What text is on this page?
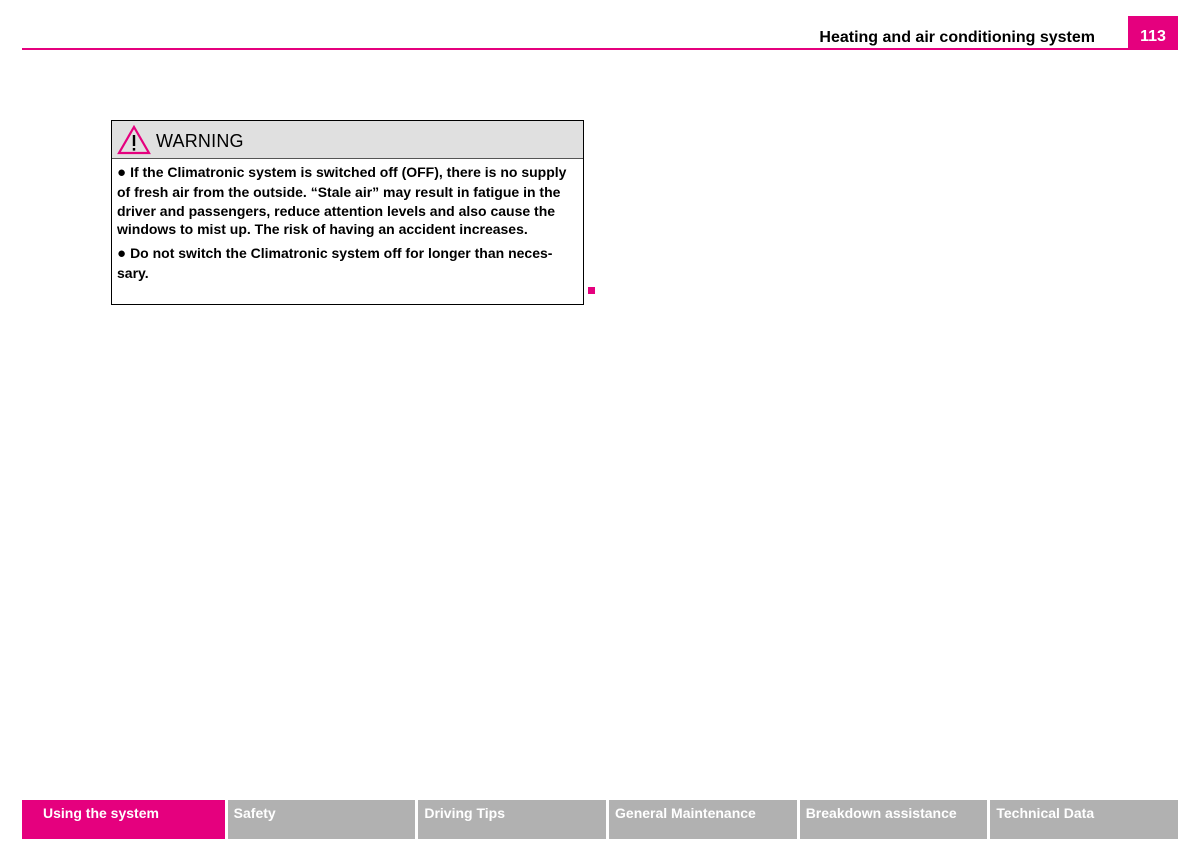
Heating and air conditioning system	113
WARNING
● If the Climatronic system is switched off (OFF), there is no supply of fresh air from the outside. “Stale air” may result in fatigue in the driver and passengers, reduce attention levels and also cause the windows to mist up. The risk of having an accident increases.
● Do not switch the Climatronic system off for longer than neces-sary.
Using the system	Safety	Driving Tips	General Maintenance	Breakdown assistance	Technical Data
